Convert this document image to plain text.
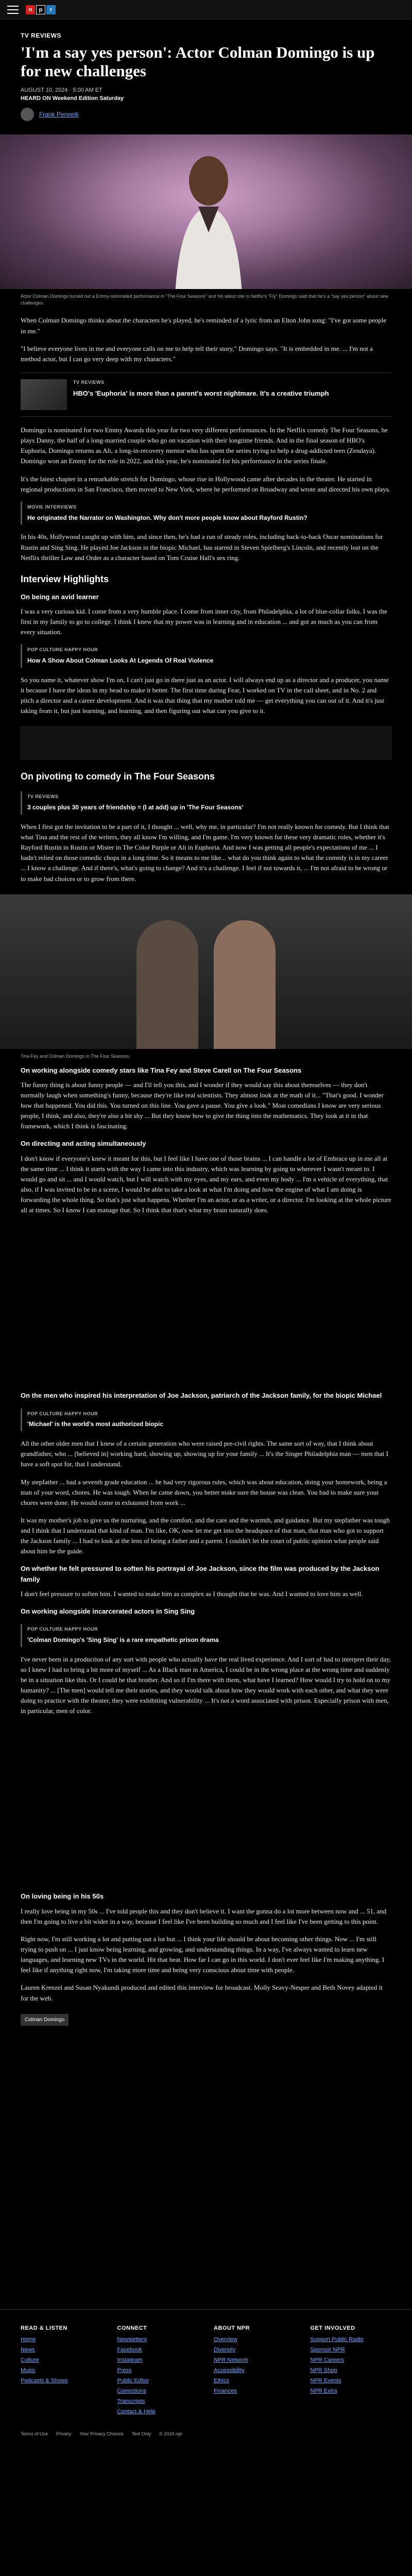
n	p	r
TV REVIEWS
'I'm a say yes person': Actor Colman Domingo is up for new challenges
AUGUST 10, 2024 · 5:00 AM ET
HEARD ON Weekend Edition Saturday
Frank Pennelli
Actor Colman Domingo turned out a Emmy-nominated performance in "The Four Seasons" and his latest role is Netflix's "Fly" Domingo said that he's a "say yes person" about new challenges.

When Colman Domingo thinks about the characters he's played, he's reminded of a lyric from an Elton John song: "I've got some people in me."

"I believe everyone lives in me and everyone calls on me to help tell their story," Domingo says. "It is embedded in me. ... I'm not a method actor, but I can go very deep with my characters."

TV REVIEWS
HBO's 'Euphoria' is more than a parent's worst nightmare. It's a creative triumph

Domingo is nominated for two Emmy Awards this year for two very different performances. In the Netflix comedy The Four Seasons, he plays Danny, the half of a long-married couple who go on vacation with their longtime friends. And in the final season of HBO's Euphoria, Domingo returns as Ali, a long-in-recovery mentor who has spent the series trying to help a drug-addicted teen (Zendaya). Domingo won an Emmy for the role in 2022, and this year, he's nominated for his performance in the series finale.

It's the latest chapter in a remarkable stretch for Domingo, whose rise in Hollywood came after decades in the theater. He started in regional productions in San Francisco, then moved to New York, where he performed on Broadway and wrote and directed his own plays.

MOVIE INTERVIEWS
He originated the Narrator on Washington. Why don't more people know about Rayford Rustin?

In his 40s, Hollywood caught up with him, and since then, he's had a run of steady roles, including back-to-back Oscar nominations for Rustin and Sing Sing. He played Joe Jackson in the biopic Michael, has starred in Steven Spielberg's Lincoln, and recently lost on the Netflix thriller Law and Order as a character based on Tom Cruise Hall's sex ring.

Interview Highlights
On being an avid learner

I was a very curious kid. I come from a very humble place. I come from inner city, from Philadelphia, a lot of blue-collar folks. I was the first in my family to go to college. I think I knew that my power was in learning and in education ... and got as much as you can from every situation.

POP CULTURE HAPPY HOUR
How A Show About Colman Looks At Legends Of Real Violence

So you name it, whatever show I'm on, I can't just go in there just as an actor. I will always end up as a director and a producer, you name it because I have the ideas in my head to make it better. The first time during Fear, I worked on TV in the call sheet, and in No. 2 and pitch a director and a career development. And it was that thing that my mother told me — get everything you can out of it. And it's just taking from it, but just learning, and learning, and then figuring out what can you give to it.

On pivoting to comedy in The Four Seasons
TV REVIEWS
3 couples plus 30 years of friendship = (I at add) up in 'The Four Seasons'

When I first got the invitation to be a part of it, I thought ... well, why me, in particular? I'm not really known for comedy. But I think that what Tina and the rest of the writers, they all know I'm willing, and I'm game. I'm very known for these very dramatic roles, whether it's Rayford Rustin in Rustin or Mister in The Color Purple or Ali in Euphoria. And now I was getting all people's expectations of me ... I hadn't relied on those comedic chops in a long time. So it means to me like... what do you think again to what the comedy is in my career ... I know a challenge. And if there's, what's going to change? And it's a challenge. I feel if not towards it, ... I'm not afraid to be wrong or to make bad choices or to grow from there.

Tina Fey and Colman Domingo in The Four Seasons.
On working alongside comedy stars like Tina Fey and Steve Carell on The Four Seasons

The funny thing is about funny people — and I'll tell you this, and I wonder if they would say this about themselves — they don't normally laugh when something's funny, because they're like real scientists. They almost look at the math of it... "That's good. I wonder how that happened. You did this. You turned on this line. You gave a pause. You give a look." Most comedians I know are very serious people, I think, and also, they're also a bit shy ... But they know how to give the thing into the mathematics. They look at it in that framework, which I think is fascinating.

On directing and acting simultaneously

I don't know if everyone's knew it meant for this, but I feel like I have one of those brains ... I can handle a lot of Embrace up in me all at the same time ... I think it starts with the way I came into this industry, which was learning by going to wherever I wasn't meant to. I would go and sit ... and I would watch, but I will watch with my eyes, and my ears, and even my body ... I'm a vehicle of everything, that also, if I was invited to be in a scene, I would be able to take a look at what I'm doing and how the engine of what I am doing is forwarding the whole thing. So that's just what happens. Whether I'm an actor, or as a writer, or a director. I'm looking at the whole picture all at times. So I know I can manage that. So I think that that's what my brain naturally does.

On the men who inspired his interpretation of Joe Jackson, patriarch of the Jackson family, for the biopic Michael
POP CULTURE HAPPY HOUR
'Michael' is the world's most authorized biopic

All the other older men that I knew of a certain generation who were raised pre-civil rights. The same sort of way, that I think about grandfather, who ... [believed in] working hard, showing up, showing up for your family ... It's the Singer Philadelphia man — men that I have a soft spot for, that I understand.

My stepfather ... had a seventh grade education ... he had very rigorous rules, which was about education, doing your homework, being a man of your word, chores. He was tough. When he came down, you better make sure the house was clean. You had to make sure your chores were done. He would come in exhausted from work ...

It was my mother's job to give us the nurturing, and the comfort, and the care and the warmth, and guidance. But my stepfather was tough and I think that I understand that kind of man. I'm like, OK, now let me get into the headspace of that man, that man who got to support the Jackson family ... I had to look at the lens of being a father and a parent. I couldn't let the court of public opinion what people said about him be the guide.

On whether he felt pressured to soften his portrayal of Joe Jackson, since the film was produced by the Jackson family

I don't feel pressure to soften him. I wanted to make him as complex as I thought that he was. And I wanted to love him as well.

On working alongside incarcerated actors in Sing Sing
POP CULTURE HAPPY HOUR
'Colman Domingo's 'Sing Sing' is a rare empathetic prison drama

I've never been in a production of any sort with people who actually have the real lived experience. And I sort of had to interpret their day, so I knew I had to bring a bit more of myself ... As a Black man in America, I could be in the wrong place at the wrong time and suddenly be in a situation like this. Or I could be that brother. And so if I'm there with them, what have I learned? How would I try to hold on to my humanity? ... [The men] would tell me their stories, and they would talk about how they would work with each other, and what they were doing to practice with the theater, they were exhibiting vulnerability ... It's not a word associated with prison. Especially prison with men, in particular, men of color.

On loving being in his 50s

I really love being in my 50s ... I've told people this and they don't believe it. I want the gonna do a lot more between now and ... 51, and then I'm going to live a bit wider in a way, because I feel like I've been building so much and I feel like I've been getting to this point.

Right now, I'm still working a lot and putting out a lot but ... I think your life should be about becoming other things. Now ... I'm still trying to push on ... I just know being learning, and growing, and understanding things. In a way, I've always wanted to learn new languages, and learning new TVs in the world. Hit that beat. How far I can go in this world. I don't ever feel like I'm making anything. I feel like if anything right now, I'm taking more time and being very conscious about time with people.

Lauren Krenzel and Susan Nyakundi produced and edited this interview for broadcast. Molly Seavy-Nesper and Beth Novey adapted it for the web.

Colman Domingo
READ & LISTEN
Home
News
Culture
Music
Podcasts & Shows
CONNECT
Newsletters
Facebook
Instagram
Press
Public Editor
Corrections
Transcripts
Contact & Help
ABOUT NPR
Overview
Diversity
NPR Network
Accessibility
Ethics
Finances
GET INVOLVED
Support Public Radio
Sponsor NPR
NPR Careers
NPR Shop
NPR Events
NPR Extra
Terms of Use Privacy Your Privacy Choices Text Only © 2024 npr
